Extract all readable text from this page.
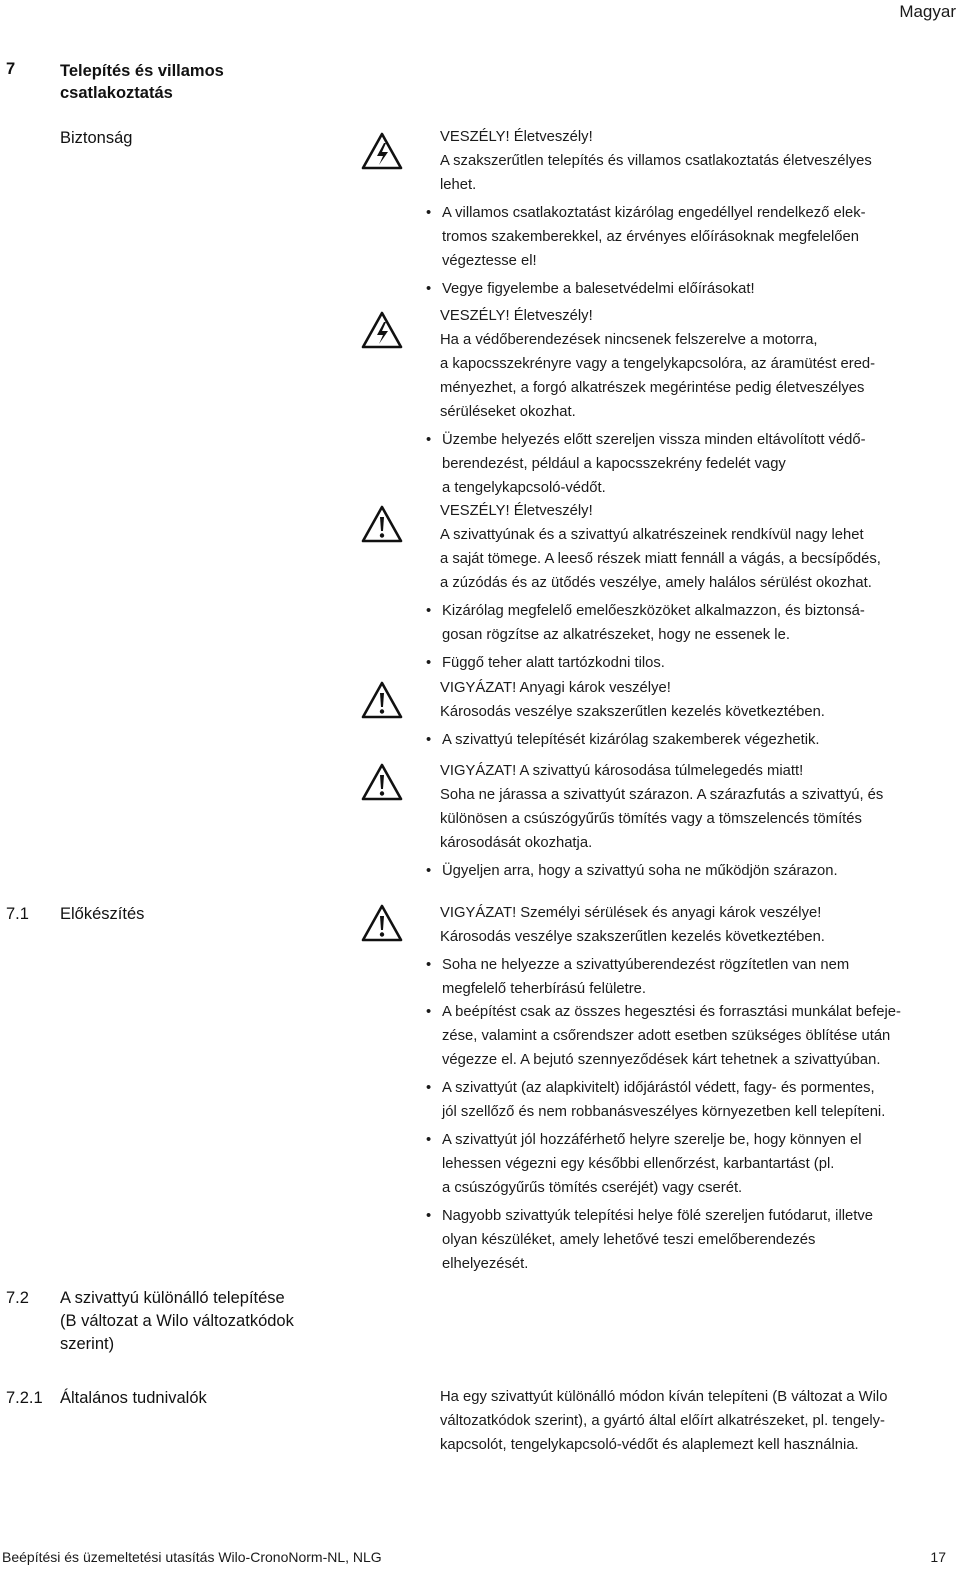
Magyar
7	Telepítés és villamos
csatlakoztatás
Biztonság	VESZÉLY! Életveszély!

A szakszerűtlen telepítés és villamos csatlakoztatás életveszélyes

lehet.

• A villamos csatlakoztatást kizárólag engedéllyel rendelkező elek-
tromos szakemberekkel, az érvényes előírásoknak megfelelően
végeztesse el!
• Vegye figyelembe a balesetvédelmi előírásokat!

VESZÉLY! Életveszély!

Ha a védőberendezések nincsenek felszerelve a motorra,

a kapocsszekrényre vagy a tengelykapcsolóra, az áramütést ered-

ményezhet, a forgó alkatrészek megérintése pedig életveszélyes

sérüléseket okozhat.

• Üzembe helyezés előtt szereljen vissza minden eltávolított védő-
berendezést, például a kapocsszekrény fedelét vagy
a tengelykapcsoló-védőt.

VESZÉLY! Életveszély!

A szivattyúnak és a szivattyú alkatrészeinek rendkívül nagy lehet

a saját tömege. A leeső részek miatt fennáll a vágás, a becsípődés,

a zúzódás és az ütődés veszélye, amely halálos sérülést okozhat.

• Kizárólag megfelelő emelőeszközöket alkalmazzon, és biztonsá-
gosan rögzítse az alkatrészeket, hogy ne essenek le.
• Függő teher alatt tartózkodni tilos.

VIGYÁZAT! Anyagi károk veszélye!

Károsodás veszélye szakszerűtlen kezelés következtében.

• A szivattyú telepítését kizárólag szakemberek végezhetik.

VIGYÁZAT! A szivattyú károsodása túlmelegedés miatt!

Soha ne járassa a szivattyút szárazon. A szárazfutás a szivattyú, és

különösen a csúszógyűrűs tömítés vagy a tömszelencés tömítés

károsodását okozhatja.

• Ügyeljen arra, hogy a szivattyú soha ne működjön szárazon.
7.1 Előkészítés	VIGYÁZAT! Személyi sérülések és anyagi károk veszélye!

Károsodás veszélye szakszerűtlen kezelés következtében.

• Soha ne helyezze a szivattyúberendezést rögzítetlen van nem
megfelelő teherbírású felületre.
• A beépítést csak az összes hegesztési és forrasztási munkálat befeje-
zése, valamint a csőrendszer adott esetben szükséges öblítése után
végezze el. A bejutó szennyeződések kárt tehetnek a szivattyúban.
• A szivattyút (az alapkivitelt) időjárástól védett, fagy- és pormentes,
jól szellőző és nem robbanásveszélyes környezetben kell telepíteni.
• A szivattyút jól hozzáférhető helyre szerelje be, hogy könnyen el
lehessen végezni egy későbbi ellenőrzést, karbantartást (pl.
a csúszógyűrűs tömítés cseréjét) vagy cserét.
• Nagyobb szivattyúk telepítési helye fölé szereljen futódarut, illetve
olyan készüléket, amely lehetővé teszi emelőberendezés
elhelyezését.
7.2 A szivattyú különálló telepítése
(B változat a Wilo változatkódok
szerint)
7.2.1 Általános tudnivalók	Ha egy szivattyút különálló módon kíván telepíteni (B változat a Wilo

változatkódok szerint), a gyártó által előírt alkatrészeket, pl. tengely-

kapcsolót, tengelykapcsoló-védőt és alaplemezt kell használnia.

Beépítési és üzemeltetési utasítás Wilo-CronoNorm-NL, NLG	17
